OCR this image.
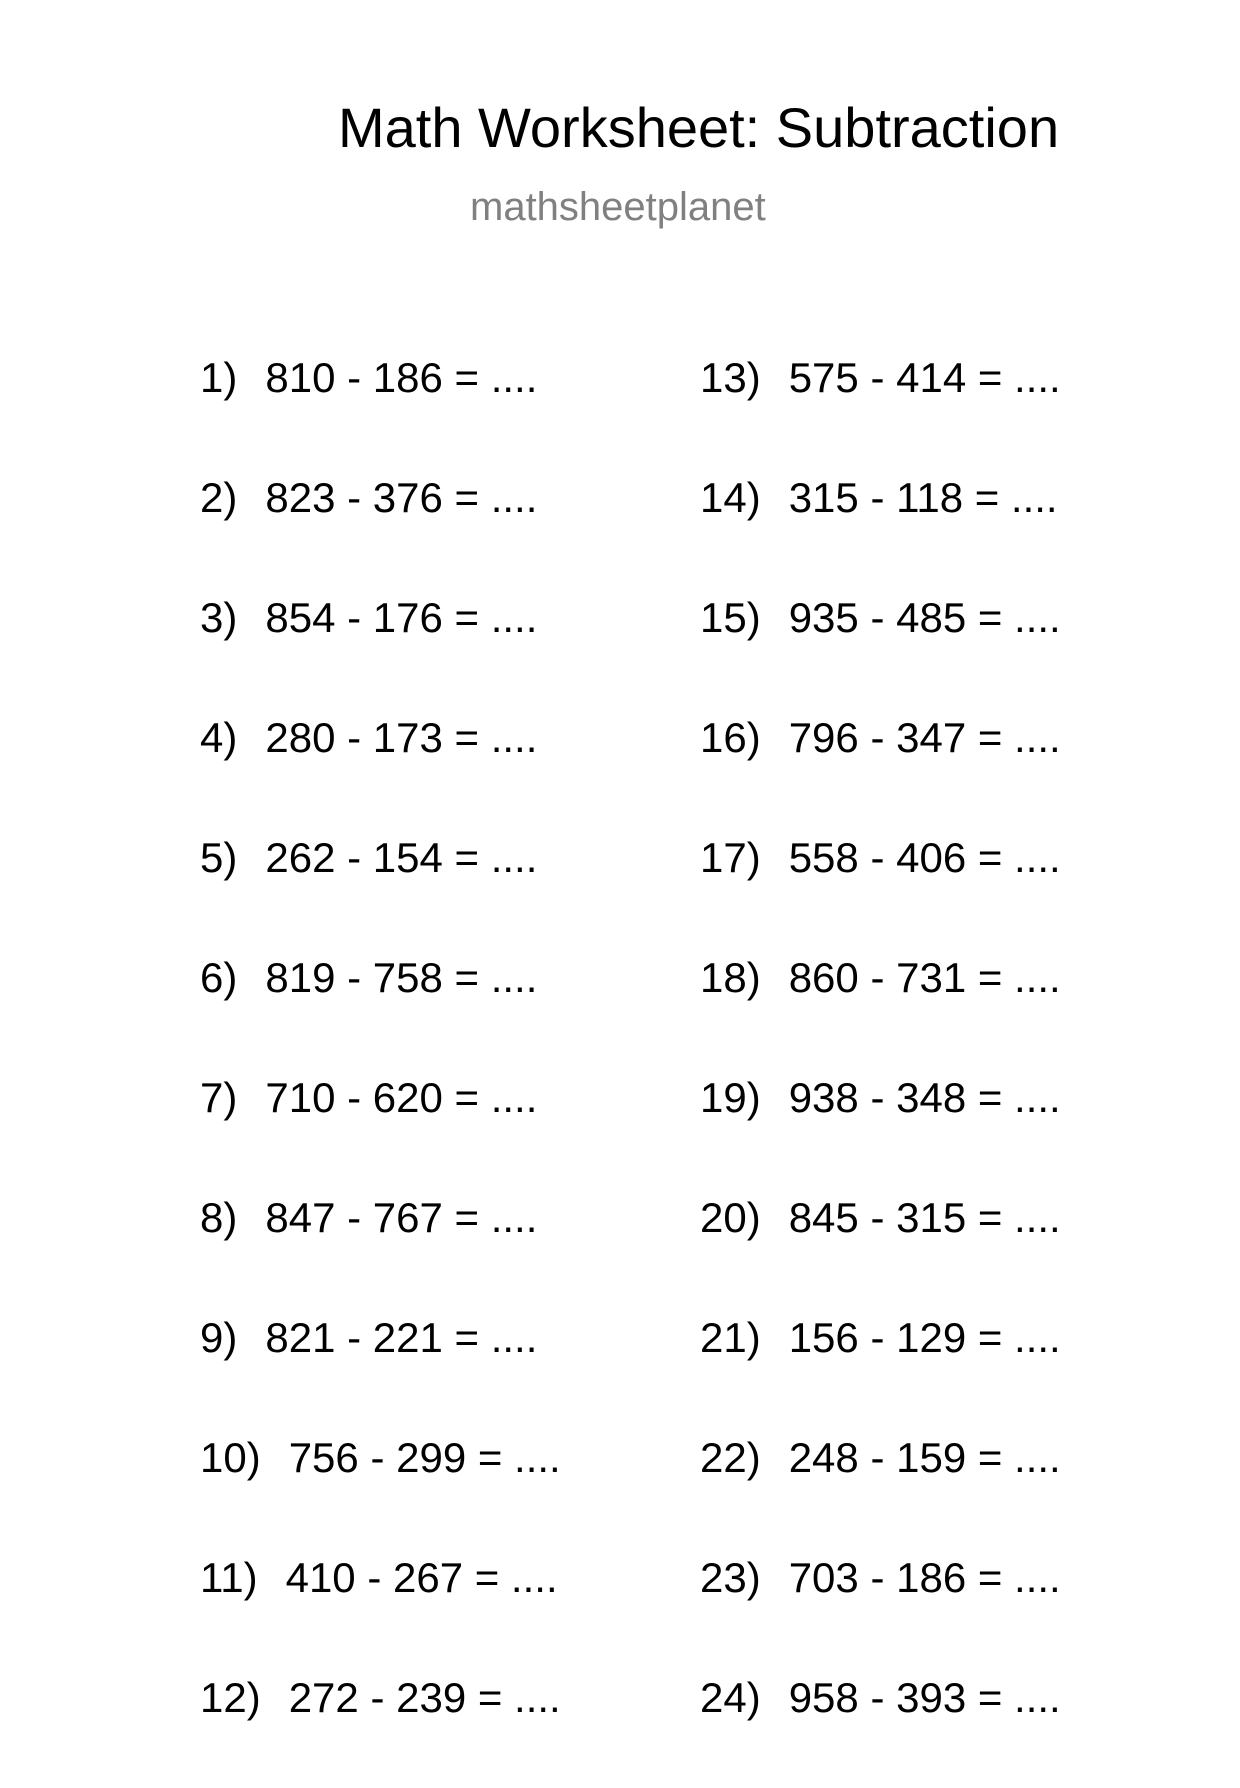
Math Worksheet: Subtraction
mathsheetplanet
1) 810 - 186 = ....
2) 823 - 376 = ....
3) 854 - 176 = ....
4) 280 - 173 = ....
5) 262 - 154 = ....
6) 819 - 758 = ....
7) 710 - 620 = ....
8) 847 - 767 = ....
9) 821 - 221 = ....
10) 756 - 299 = ....
11) 410 - 267 = ....
12) 272 - 239 = ....
13) 575 - 414 = ....
14) 315 - 118 = ....
15) 935 - 485 = ....
16) 796 - 347 = ....
17) 558 - 406 = ....
18) 860 - 731 = ....
19) 938 - 348 = ....
20) 845 - 315 = ....
21) 156 - 129 = ....
22) 248 - 159 = ....
23) 703 - 186 = ....
24) 958 - 393 = ....
